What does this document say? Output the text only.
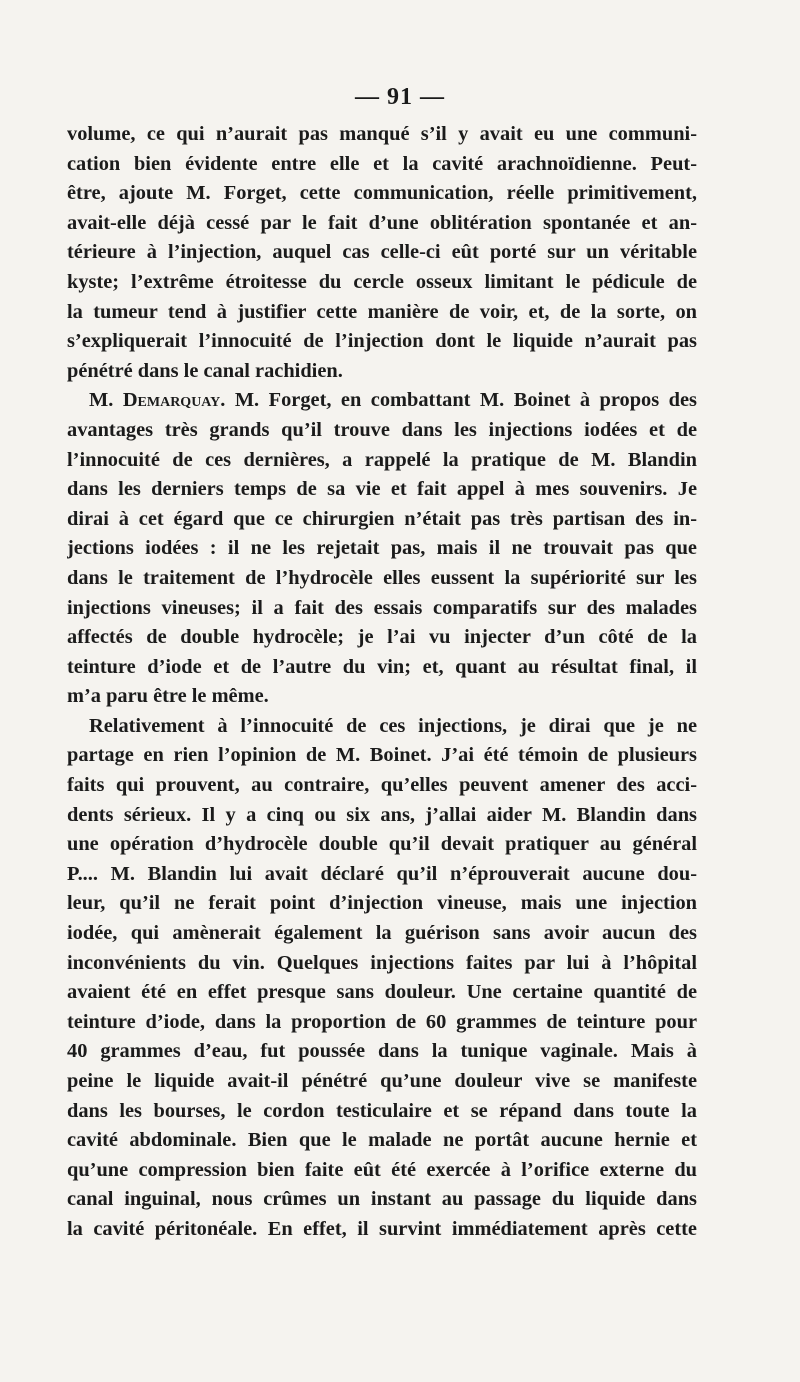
— 91 —
volume, ce qui n’aurait pas manqué s’il y avait eu une communi-
cation bien évidente entre elle et la cavité arachnoïdienne. Peut-
être, ajoute M. Forget, cette communication, réelle primitivement,
avait-elle déjà cessé par le fait d’une oblitération spontanée et an-
térieure à l’injection, auquel cas celle-ci eût porté sur un véritable
kyste; l’extrême étroitesse du cercle osseux limitant le pédicule de
la tumeur tend à justifier cette manière de voir, et, de la sorte, on
s’expliquerait l’innocuité de l’injection dont le liquide n’aurait pas
pénétré dans le canal rachidien.
M. Demarquay. M. Forget, en combattant M. Boinet à propos des
avantages très grands qu’il trouve dans les injections iodées et de
l’innocuité de ces dernières, a rappelé la pratique de M. Blandin
dans les derniers temps de sa vie et fait appel à mes souvenirs. Je
dirai à cet égard que ce chirurgien n’était pas très partisan des in-
jections iodées : il ne les rejetait pas, mais il ne trouvait pas que
dans le traitement de l’hydrocèle elles eussent la supériorité sur les
injections vineuses; il a fait des essais comparatifs sur des malades
affectés de double hydrocèle; je l’ai vu injecter d’un côté de la
teinture d’iode et de l’autre du vin; et, quant au résultat final, il
m’a paru être le même.
Relativement à l’innocuité de ces injections, je dirai que je ne
partage en rien l’opinion de M. Boinet. J’ai été témoin de plusieurs
faits qui prouvent, au contraire, qu’elles peuvent amener des acci-
dents sérieux. Il y a cinq ou six ans, j’allai aider M. Blandin dans
une opération d’hydrocèle double qu’il devait pratiquer au général
P.... M. Blandin lui avait déclaré qu’il n’éprouverait aucune dou-
leur, qu’il ne ferait point d’injection vineuse, mais une injection
iodée, qui amènerait également la guérison sans avoir aucun des
inconvénients du vin. Quelques injections faites par lui à l’hôpital
avaient été en effet presque sans douleur. Une certaine quantité de
teinture d’iode, dans la proportion de 60 grammes de teinture pour
40 grammes d’eau, fut poussée dans la tunique vaginale. Mais à
peine le liquide avait-il pénétré qu’une douleur vive se manifeste
dans les bourses, le cordon testiculaire et se répand dans toute la
cavité abdominale. Bien que le malade ne portât aucune hernie et
qu’une compression bien faite eût été exercée à l’orifice externe du
canal inguinal, nous crûmes un instant au passage du liquide dans
la cavité péritonéale. En effet, il survint immédiatement après cette
